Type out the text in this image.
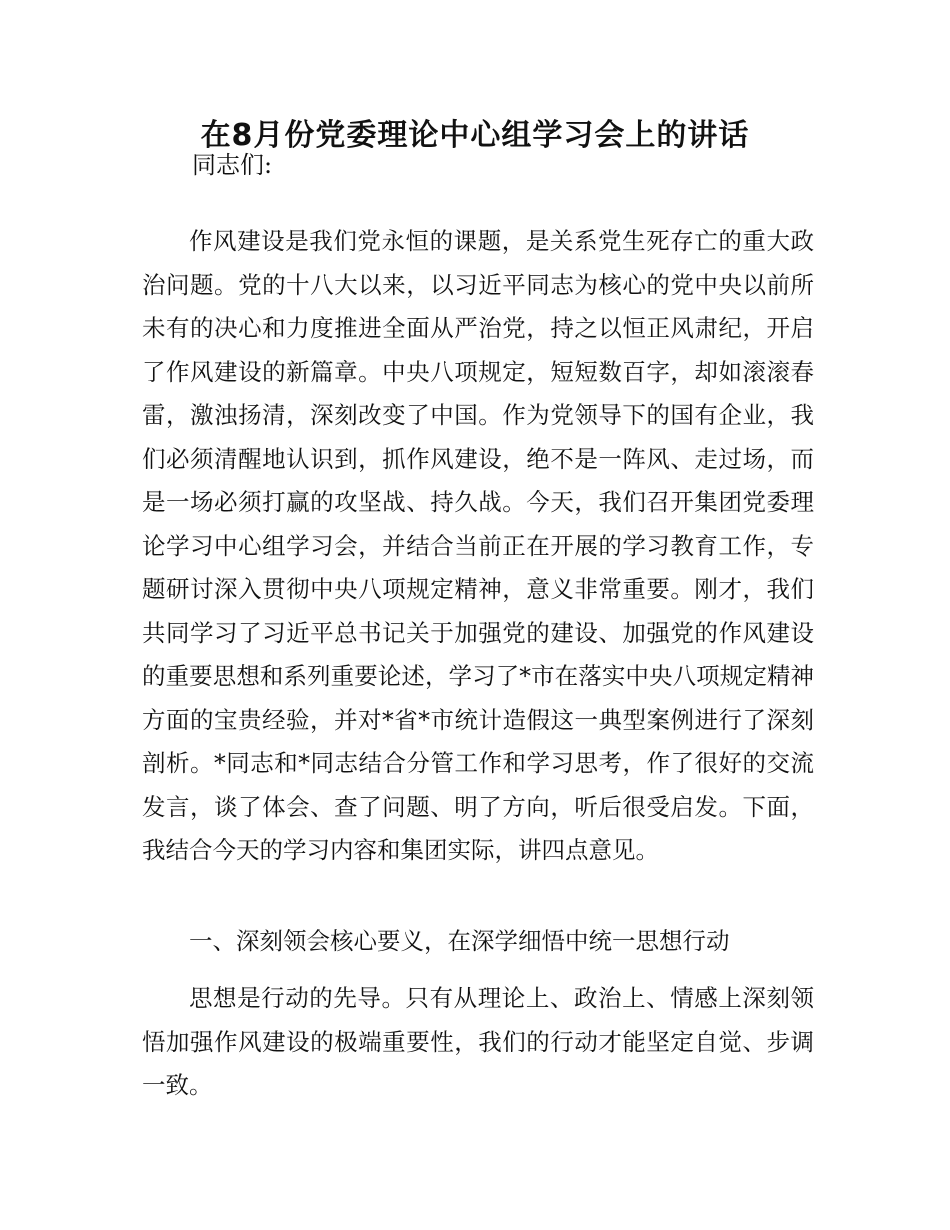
在8月份党委理论中心组学习会上的讲话

同志们:

作风建设是我们党永恒的课题，是关系党生死存亡的重大政治问题。党的十八大以来，以习近平同志为核心的党中央以前所未有的决心和力度推进全面从严治党，持之以恒正风肃纪，开启了作风建设的新篇章。中央八项规定，短短数百字，却如滚滚春雷，激浊扬清，深刻改变了中国。作为党领导下的国有企业，我们必须清醒地认识到，抓作风建设，绝不是一阵风、走过场，而是一场必须打赢的攻坚战、持久战。今天，我们召开集团党委理论学习中心组学习会，并结合当前正在开展的学习教育工作，专题研讨深入贯彻中央八项规定精神，意义非常重要。刚才，我们共同学习了习近平总书记关于加强党的建设、加强党的作风建设的重要思想和系列重要论述，学习了*市在落实中央八项规定精神方面的宝贵经验，并对*省*市统计造假这一典型案例进行了深刻剖析。*同志和*同志结合分管工作和学习思考，作了很好的交流发言，谈了体会、查了问题、明了方向，听后很受启发。下面，我结合今天的学习内容和集团实际，讲四点意见。

一、深刻领会核心要义，在深学细悟中统一思想行动

思想是行动的先导。只有从理论上、政治上、情感上深刻领悟加强作风建设的极端重要性，我们的行动才能坚定自觉、步调一致。
